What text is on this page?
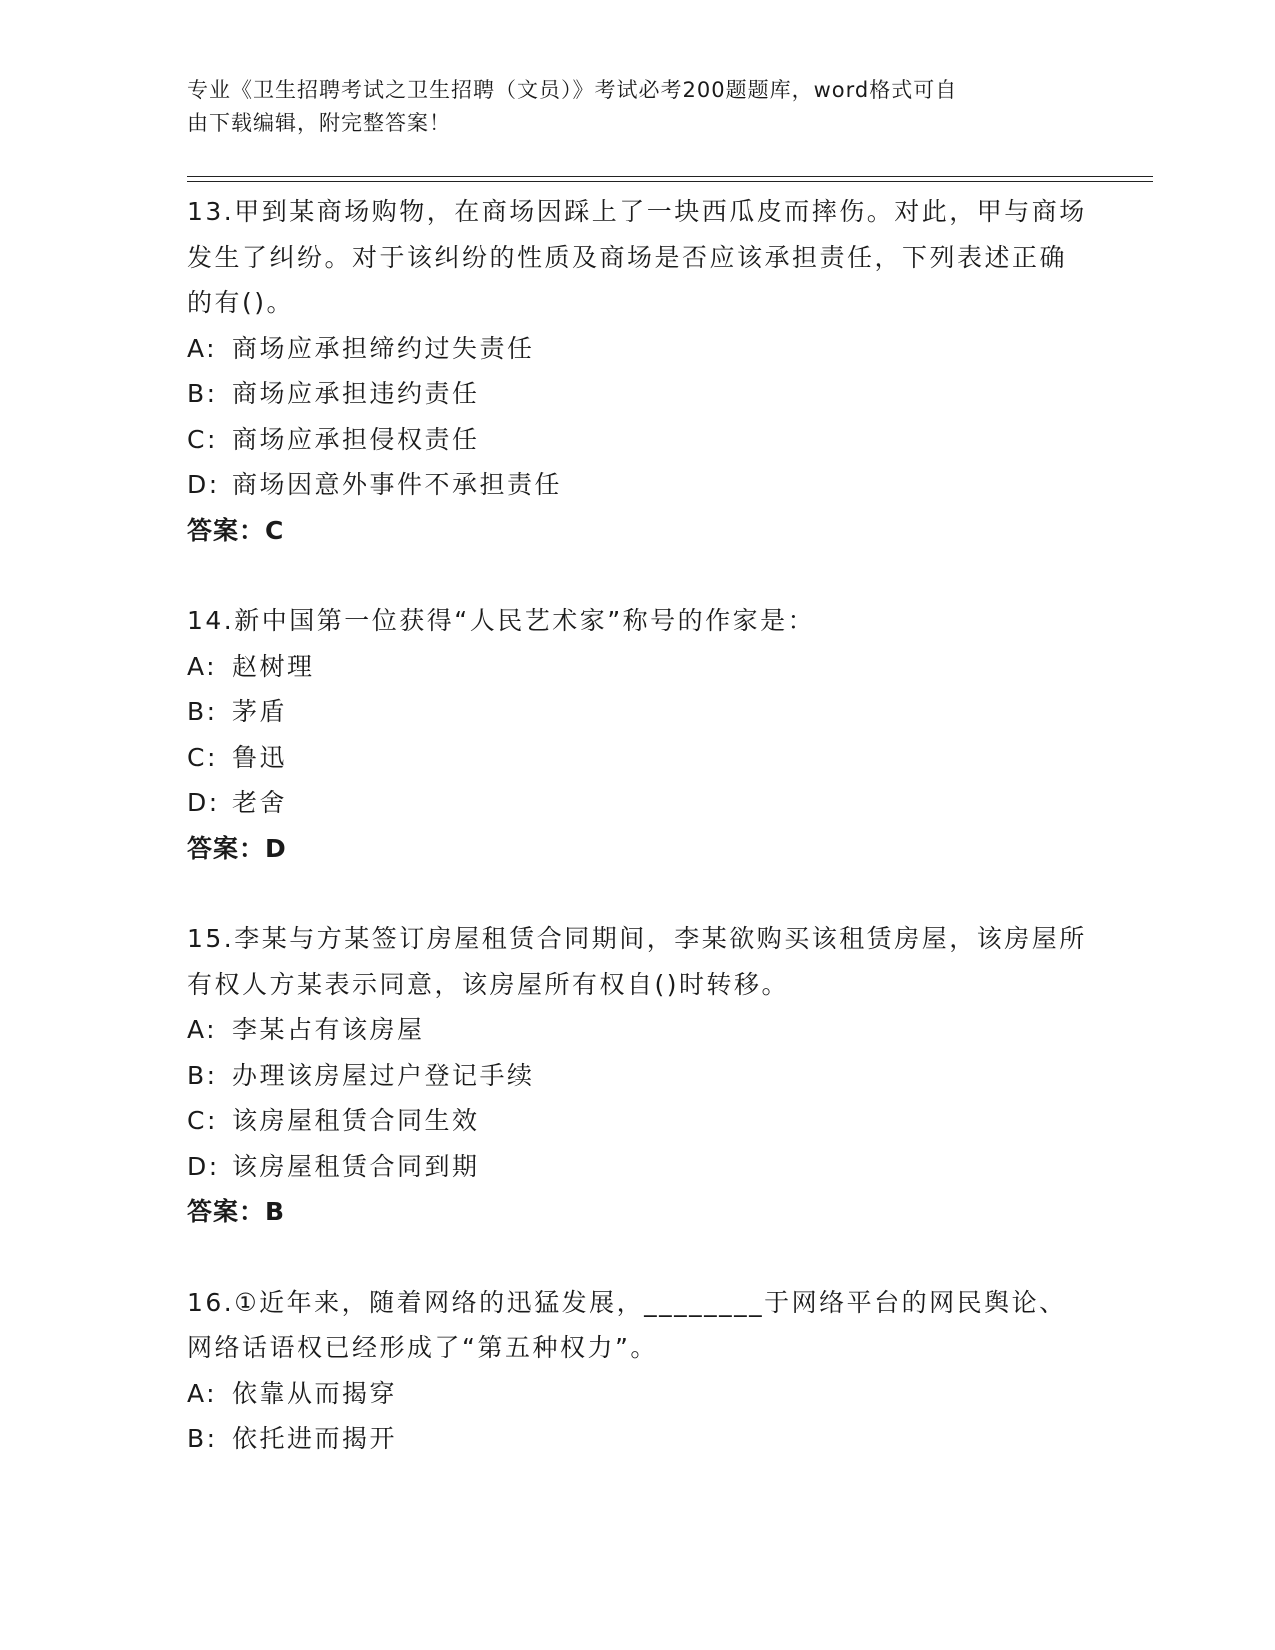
专业《卫生招聘考试之卫生招聘（文员）》考试必考200题题库，word格式可自
由下载编辑，附完整答案！

13.甲到某商场购物，在商场因踩上了一块西瓜皮而摔伤。对此，甲与商场发生了纠纷。对于该纠纷的性质及商场是否应该承担责任，下列表述正确的有()。

A: 商场应承担缔约过失责任

B: 商场应承担违约责任

C: 商场应承担侵权责任

D: 商场因意外事件不承担责任

答案：C

14.新中国第一位获得“人民艺术家”称号的作家是：

A: 赵树理

B: 茅盾

C: 鲁迅

D: 老舍

答案：D

15.李某与方某签订房屋租赁合同期间，李某欲购买该租赁房屋，该房屋所有权人方某表示同意，该房屋所有权自()时转移。

A: 李某占有该房屋

B: 办理该房屋过户登记手续

C: 该房屋租赁合同生效

D: 该房屋租赁合同到期

答案：B

16.①近年来，随着网络的迅猛发展，________于网络平台的网民舆论、网络话语权已经形成了“第五种权力”。

A: 依靠从而揭穿

B: 依托进而揭开
